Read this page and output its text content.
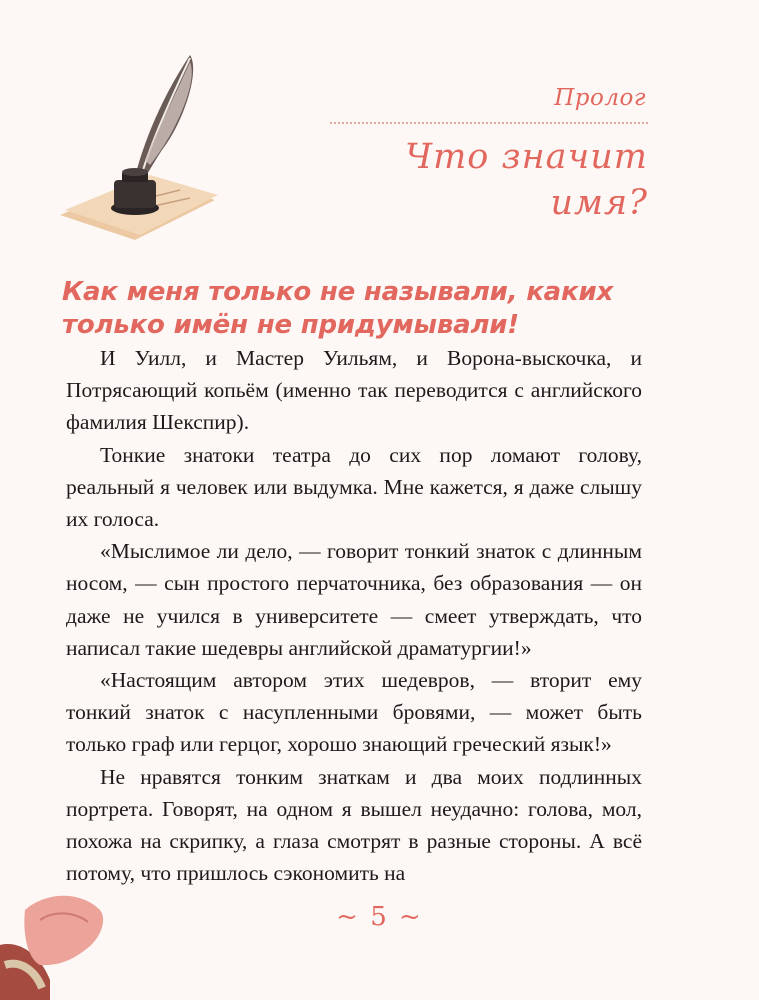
Пролог
Что значит имя?
Как меня только не называли, каких только имён не придумывали!

И Уилл, и Мастер Уильям, и Ворона-выскочка, и Потрясающий копьём (именно так переводится с английского фамилия Шекспир).

Тонкие знатоки театра до сих пор ломают голову, реальный я человек или выдумка. Мне кажется, я даже слышу их голоса.

«Мыслимое ли дело, — говорит тонкий знаток с длинным носом, — сын простого перчаточника, без образования — он даже не учился в университете — смеет утверждать, что написал такие шедевры английской драматургии!»

«Настоящим автором этих шедевров, — вторит ему тонкий знаток с насупленными бровями, — может быть только граф или герцог, хорошо знающий греческий язык!»

Не нравятся тонким знаткам и два моих подлинных портрета. Говорят, на одном я вышел неудачно: голова, мол, похожа на скрипку, а глаза смотрят в разные стороны. А всё потому, что пришлось сэкономить на

~ 5 ~
